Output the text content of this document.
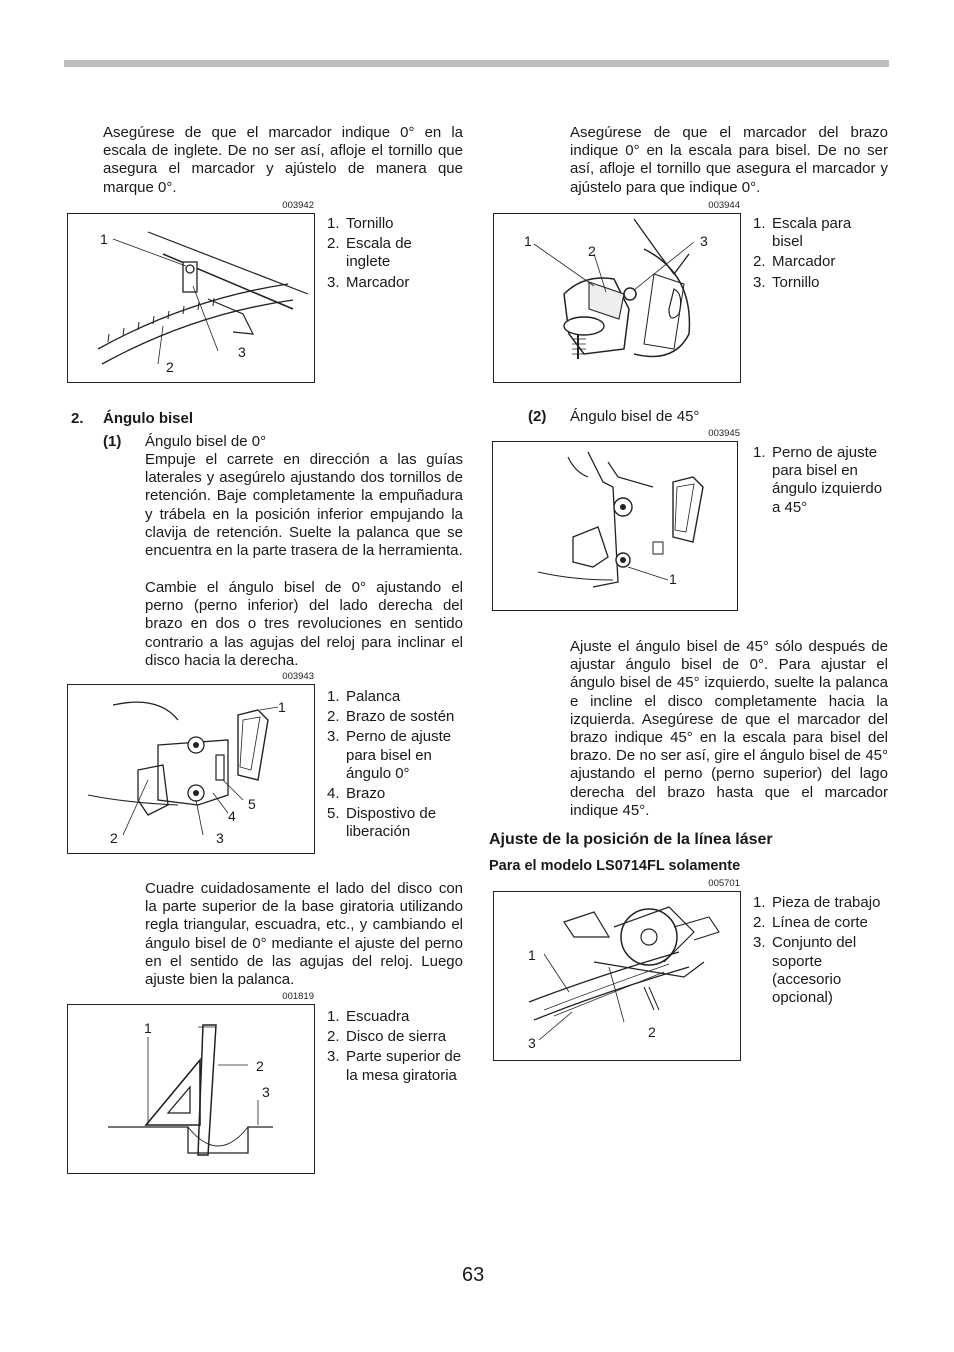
Asegúrese de que el marcador indique 0° en la escala de inglete. De no ser así, afloje el tornillo que asegura el marcador y ajústelo de manera que marque 0°.
003942
1
2
3
1. Tornillo
2. Escala de inglete
3. Marcador
2. Ángulo bisel
(1) Ángulo bisel de 0°
Empuje el carrete en dirección a las guías laterales y asegúrelo ajustando dos tornillos de retención. Baje completamente la empuñadura y trábela en la posición inferior empujando la clavija de retención. Suelte la palanca que se encuentra en la parte trasera de la herramienta.
Cambie el ángulo bisel de 0° ajustando el perno (perno inferior) del lado derecha del brazo en dos o tres revoluciones en sentido contrario a las agujas del reloj para inclinar el disco hacia la derecha.
003943
1
2	3
4
5
1. Palanca
2. Brazo de sostén
3. Perno de ajuste para bisel en ángulo 0°
4. Brazo
5. Dispostivo de liberación
Cuadre cuidadosamente el lado del disco con la parte superior de la base giratoria utilizando regla triangular, escuadra, etc., y cambiando el ángulo bisel de 0° mediante el ajuste del perno en el sentido de las agujas del reloj. Luego ajuste bien la palanca.
001819
1
2
3
1. Escuadra
2. Disco de sierra
3. Parte superior de la mesa giratoria
Asegúrese de que el marcador del brazo indique 0° en la escala para bisel. De no ser así, afloje el tornillo que asegura el marcador y ajústelo para que indique 0°.
003944
1
2
3
1. Escala para bisel
2. Marcador
3. Tornillo
(2) Ángulo bisel de 45°
003945
1
1. Perno de ajuste para bisel en ángulo izquierdo a 45°
Ajuste el ángulo bisel de 45° sólo después de ajustar ángulo bisel de 0°. Para ajustar el ángulo bisel de 45° izquierdo, suelte la palanca e incline el disco completamente hacia la izquierda. Asegúrese de que el marcador del brazo indique 45° en la escala para bisel del brazo. De no ser así, gire el ángulo bisel de 45° ajustando el perno (perno superior) del lago derecha del brazo hasta que el marcador indique 45°.
Ajuste de la posición de la línea láser
Para el modelo LS0714FL solamente
005701
1
2
3
1. Pieza de trabajo
2. Línea de corte
3. Conjunto del soporte (accesorio opcional)
63
